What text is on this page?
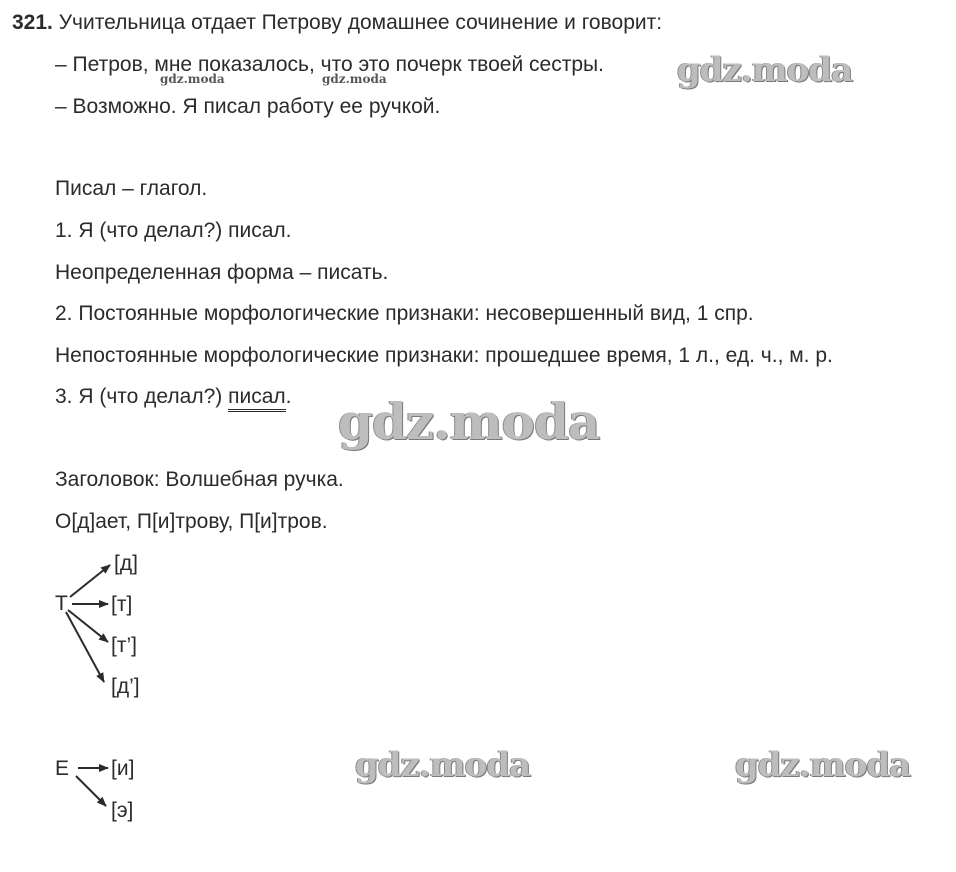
321. Учительница отдает Петрову домашнее сочинение и говорит:
– Петров, мне показалось, что это почерк твоей сестры.
– Возможно. Я писал работу ее ручкой.
Писал – глагол.
1. Я (что делал?) писал.
Неопределенная форма – писать.
2. Постоянные морфологические признаки: несовершенный вид, 1 спр.
Непостоянные морфологические признаки: прошедшее время, 1 л., ед. ч., м. р.
3. Я (что делал?) писал.
Заголовок: Волшебная ручка.
О[д]ает, П[и]трову, П[и]тров.
Т
[д]
[т]
[т’]
[д’]
Е [и]
[э]
gdz.moda	gdz.moda	gdz.moda
gdz.moda
gdz.moda	gdz.moda
